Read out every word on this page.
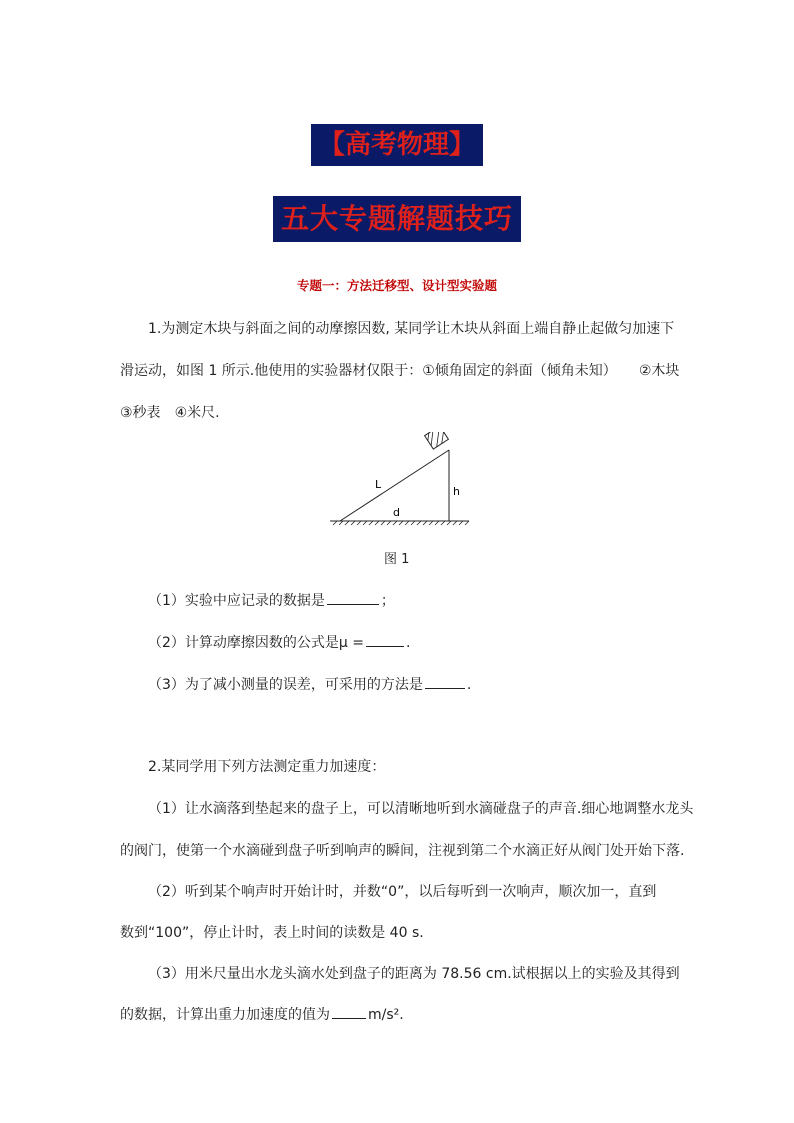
【高考物理】
五大专题解题技巧
专题一：方法迁移型、设计型实验题
1.为测定木块与斜面之间的动摩擦因数, 某同学让木块从斜面上端自静止起做匀加速下
滑运动，如图 1 所示.他使用的实验器材仅限于：①倾角固定的斜面（倾角未知） ②木块
③秒表 ④米尺.
L
h
d
图 1
（1）实验中应记录的数据是	；
（2）计算动摩擦因数的公式是μ =	.
（3）为了减小测量的误差，可采用的方法是	.
2.某同学用下列方法测定重力加速度：
（1）让水滴落到垫起来的盘子上，可以清晰地听到水滴碰盘子的声音.细心地调整水龙头
的阀门，使第一个水滴碰到盘子听到响声的瞬间，注视到第二个水滴正好从阀门处开始下落.
（2）听到某个响声时开始计时，并数“0”，以后每听到一次响声，顺次加一，直到
数到“100”，停止计时，表上时间的读数是 40 s.
（3）用米尺量出水龙头滴水处到盘子的距离为 78.56 cm.试根据以上的实验及其得到
的数据，计算出重力加速度的值为	m/s².
